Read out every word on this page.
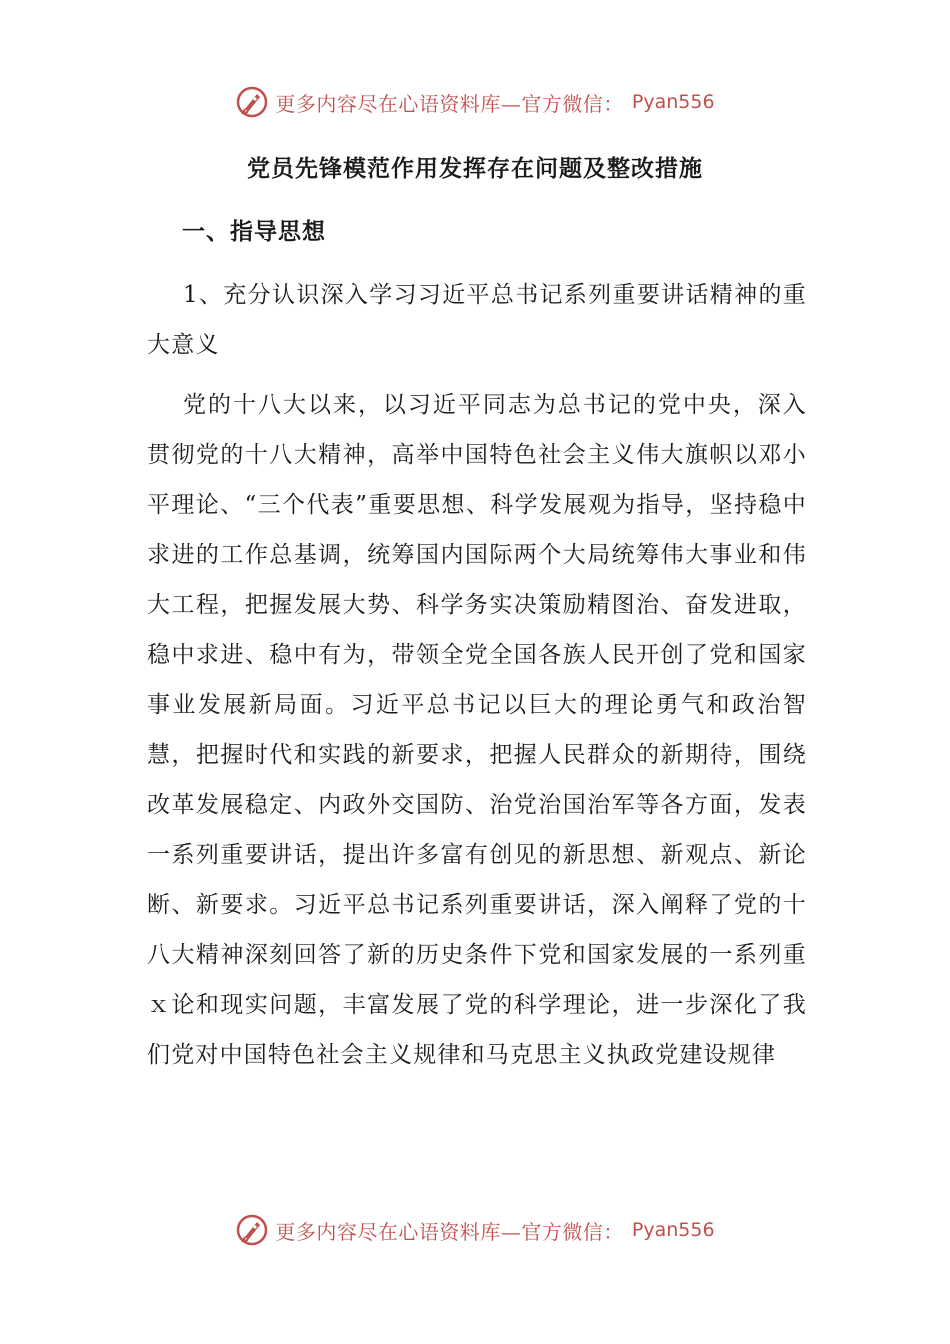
更多内容尽在心语资料库—官方微信： Pyan556
党员先锋模范作用发挥存在问题及整改措施
一、指导思想

1、充分认识深入学习习近平总书记系列重要讲话精神的重大意义

党的十八大以来，以习近平同志为总书记的党中央，深入贯彻党的十八大精神，高举中国特色社会主义伟大旗帜以邓小平理论、“三个代表”重要思想、科学发展观为指导，坚持稳中求进的工作总基调，统筹国内国际两个大局统筹伟大事业和伟大工程，把握发展大势、科学务实决策励精图治、奋发进取，稳中求进、稳中有为，带领全党全国各族人民开创了党和国家事业发展新局面。习近平总书记以巨大的理论勇气和政治智慧，把握时代和实践的新要求，把握人民群众的新期待，围绕改革发展稳定、内政外交国防、治党治国治军等各方面，发表一系列重要讲话，提出许多富有创见的新思想、新观点、新论断、新要求。习近平总书记系列重要讲话，深入阐释了党的十八大精神深刻回答了新的历史条件下党和国家发展的一系列重ｘ论和现实问题，丰富发展了党的科学理论，进一步深化了我们党对中国特色社会主义规律和马克思主义执政党建设规律

更多内容尽在心语资料库—官方微信： Pyan556
